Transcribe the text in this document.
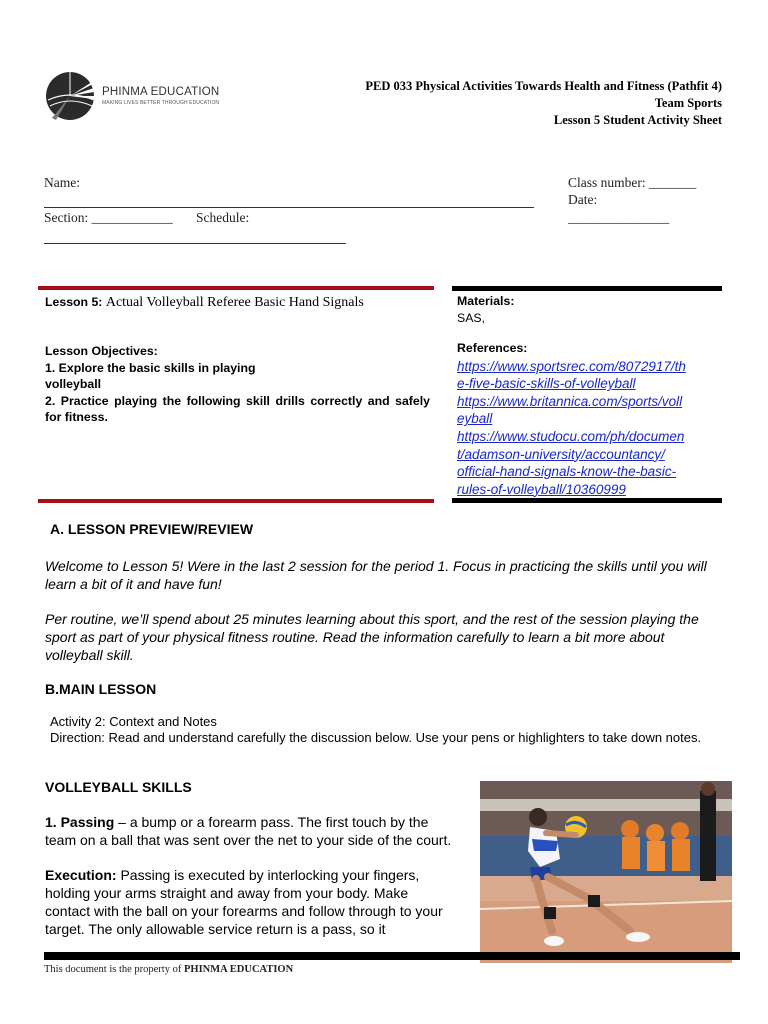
PHINMA EDUCATION
MAKING LIVES BETTER THROUGH EDUCATION
PED 033 Physical Activities Towards Health and Fitness (Pathfit 4)
Team Sports
Lesson 5 Student Activity Sheet
Name:
Section: ____________ Schedule:
Class number: _______
Date:
_______________
Lesson 5: Actual Volleyball Referee Basic Hand Signals
Lesson Objectives:
1. Explore the basic skills in playing
volleyball
2. Practice playing the following skill drills correctly and safely for fitness.
Materials:
SAS,
References:
https://www.sportsrec.com/8072917/th
e-five-basic-skills-of-volleyball
https://www.britannica.com/sports/voll
eyball
https://www.studocu.com/ph/documen
t/adamson-university/accountancy/
official-hand-signals-know-the-basic-
rules-of-volleyball/10360999
A. LESSON PREVIEW/REVIEW
Welcome to Lesson 5! Were in the last 2 session for the period 1. Focus in practicing the skills until you will learn a bit of it and have fun!
Per routine, we’ll spend about 25 minutes learning about this sport, and the rest of the session playing the sport as part of your physical fitness routine. Read the information carefully to learn a bit more about volleyball skill.
B.MAIN LESSON
Activity 2: Context and Notes
Direction: Read and understand carefully the discussion below. Use your pens or highlighters to take down notes.
VOLLEYBALL SKILLS
1. Passing – a bump or a forearm pass. The first touch by the team on a ball that was sent over the net to your side of the court.
Execution: Passing is executed by interlocking your fingers, holding your arms straight and away from your body. Make contact with the ball on your forearms and follow through to your target. The only allowable service return is a pass, so it
This document is the property of PHINMA EDUCATION
